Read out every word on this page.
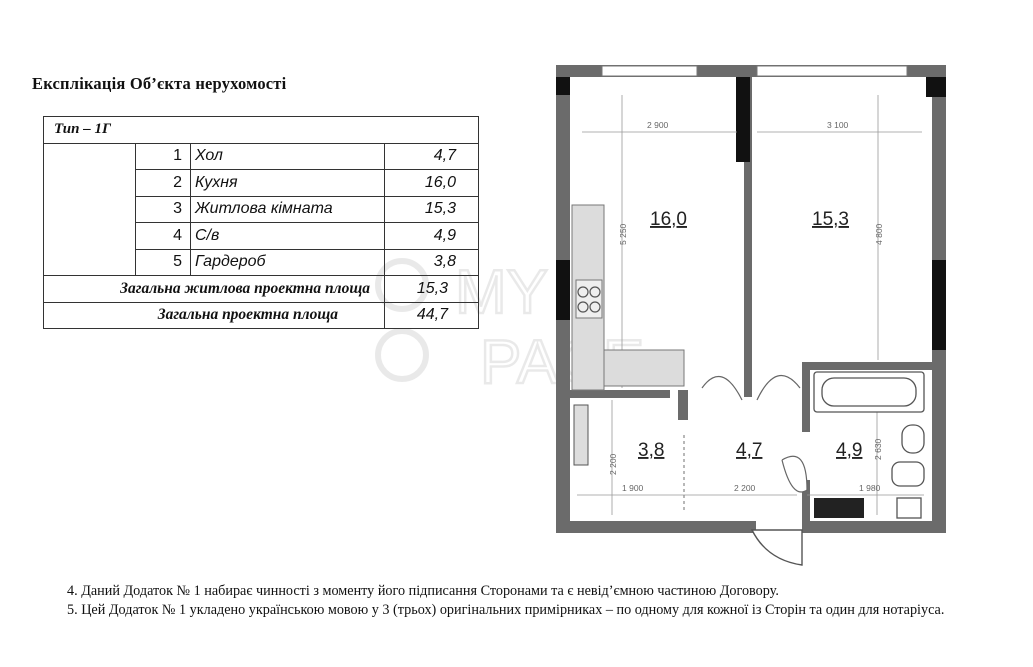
Експлікація Об’єкта нерухомості
Тип – 1Г			
	1	Хол	4,7
	2	Кухня	16,0
	3	Житлова кімната	15,3
	4	С/в	4,9
	5	Гардероб	3,8
Загальна житлова проектна площа			15,3
Загальна проектна площа			44,7 MY
16,0	15,3
3,8	4,7	4,9
2 900	3 100
5 250	4 800
2 200
2 630
1 900	2 200	1 980

4. Даний Додаток № 1 набирає чинності з моменту його підписання Сторонами та є невід’ємною частиною Договору.

5. Цей Додаток № 1 укладено українською мовою у 3 (трьох) оригінальних примірниках – по одному для кожної із Сторін та один для нотаріуса.
